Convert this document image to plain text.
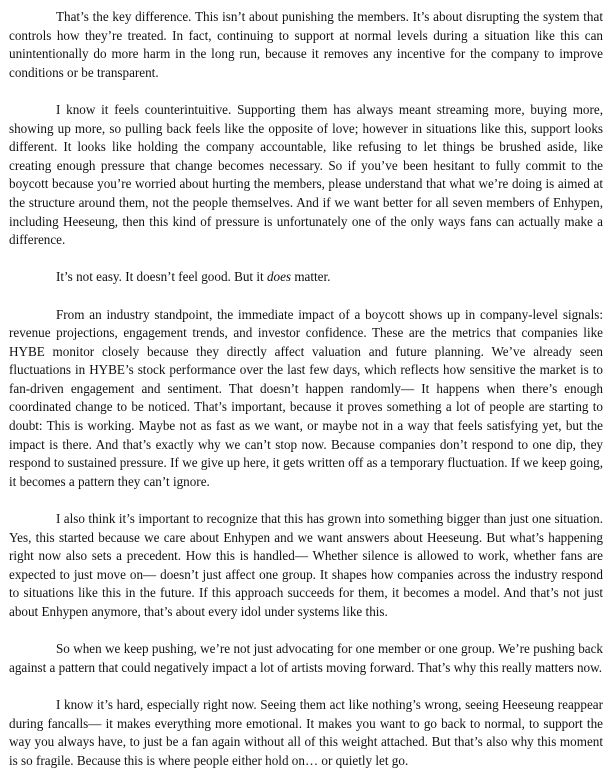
That’s the key difference. This isn’t about punishing the members. It’s about disrupting the system that controls how they’re treated. In fact, continuing to support at normal levels during a situation like this can unintentionally do more harm in the long run, because it removes any incentive for the company to improve conditions or be transparent.

I know it feels counterintuitive. Supporting them has always meant streaming more, buying more, showing up more, so pulling back feels like the opposite of love; however in situations like this, support looks different. It looks like holding the company accountable, like refusing to let things be brushed aside, like creating enough pressure that change becomes necessary. So if you’ve been hesitant to fully commit to the boycott because you’re worried about hurting the members, please understand that what we’re doing is aimed at the structure around them, not the people themselves. And if we want better for all seven members of Enhypen, including Heeseung, then this kind of pressure is unfortunately one of the only ways fans can actually make a difference.

It’s not easy. It doesn’t feel good. But it does matter.

From an industry standpoint, the immediate impact of a boycott shows up in company-level signals: revenue projections, engagement trends, and investor confidence. These are the metrics that companies like HYBE monitor closely because they directly affect valuation and future planning. We’ve already seen fluctuations in HYBE’s stock performance over the last few days, which reflects how sensitive the market is to fan-driven engagement and sentiment. That doesn’t happen randomly— It happens when there’s enough coordinated change to be noticed. That’s important, because it proves something a lot of people are starting to doubt: This is working. Maybe not as fast as we want, or maybe not in a way that feels satisfying yet, but the impact is there. And that’s exactly why we can’t stop now. Because companies don’t respond to one dip, they respond to sustained pressure. If we give up here, it gets written off as a temporary fluctuation. If we keep going, it becomes a pattern they can’t ignore.

I also think it’s important to recognize that this has grown into something bigger than just one situation. Yes, this started because we care about Enhypen and we want answers about Heeseung. But what’s happening right now also sets a precedent. How this is handled— Whether silence is allowed to work, whether fans are expected to just move on— doesn’t just affect one group. It shapes how companies across the industry respond to situations like this in the future. If this approach succeeds for them, it becomes a model. And that’s not just about Enhypen anymore, that’s about every idol under systems like this.

So when we keep pushing, we’re not just advocating for one member or one group. We’re pushing back against a pattern that could negatively impact a lot of artists moving forward. That’s why this really matters now.

I know it’s hard, especially right now. Seeing them act like nothing’s wrong, seeing Heeseung reappear during fancalls— it makes everything more emotional. It makes you want to go back to normal, to support the way you always have, to just be a fan again without all of this weight attached. But that’s also why this moment is so fragile. Because this is where people either hold on… or quietly let go.
